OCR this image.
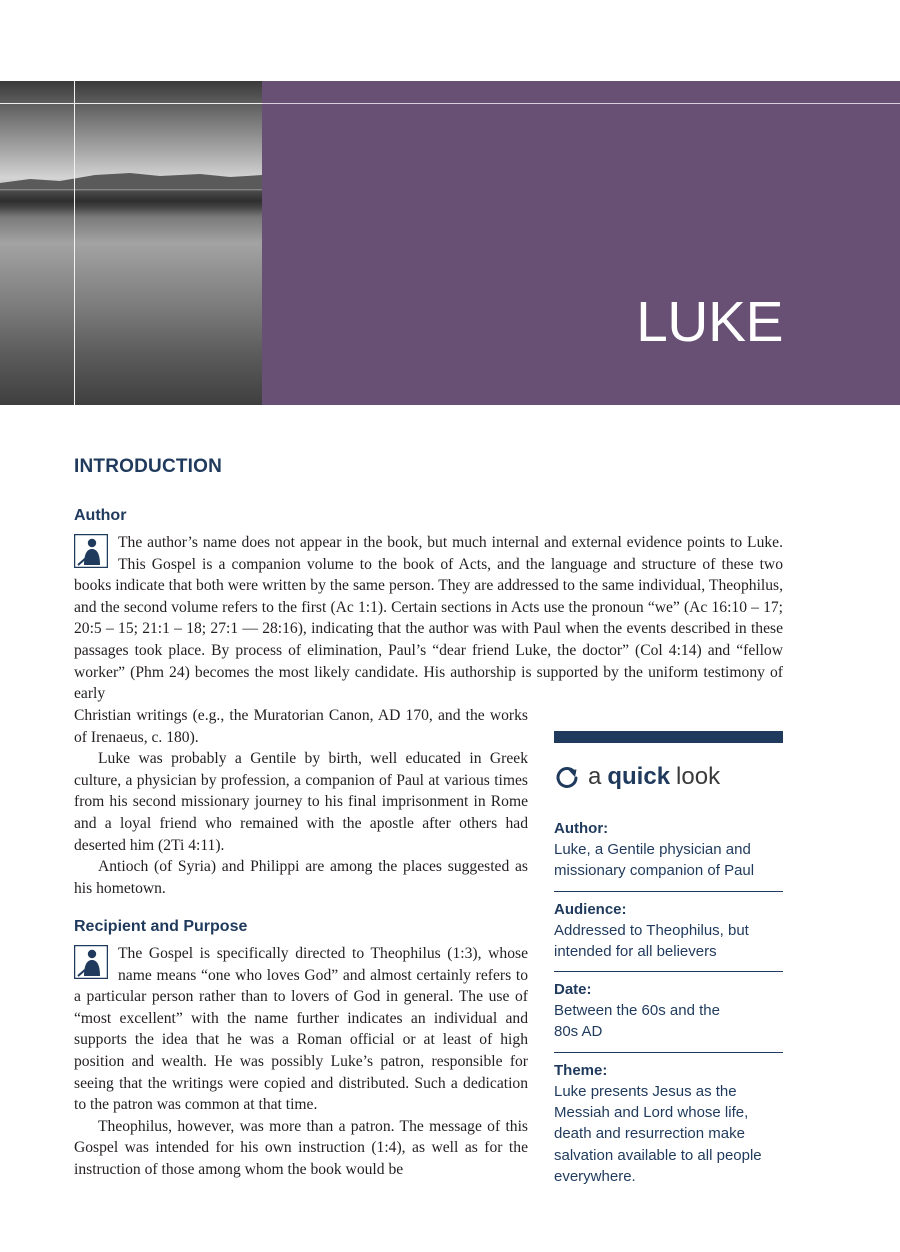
LUKE
INTRODUCTION
Author

The author’s name does not appear in the book, but much internal and external evidence points to Luke. This Gospel is a companion volume to the book of Acts, and the language and structure of these two books indicate that both were written by the same person. They are addressed to the same individual, Theophilus, and the second volume refers to the first (Ac 1:1). Certain sections in Acts use the pronoun “we” (Ac 16:10 – 17; 20:5 – 15; 21:1 – 18; 27:1 — 28:16), indicating that the author was with Paul when the events described in these passages took place. By process of elimination, Paul’s “dear friend Luke, the doctor” (Col 4:14) and “fellow worker” (Phm 24) becomes the most likely candidate. His authorship is supported by the uniform testimony of early

Christian writings (e.g., the Muratorian Canon, AD 170, and the works of Irenaeus, c. 180).

Luke was probably a Gentile by birth, well educated in Greek culture, a physician by profession, a companion of Paul at various times from his second missionary journey to his final imprisonment in Rome and a loyal friend who remained with the apostle after others had deserted him (2Ti 4:11).

Antioch (of Syria) and Philippi are among the places suggested as his hometown.

Recipient and Purpose

The Gospel is specifically directed to Theophilus (1:3), whose name means “one who loves God” and almost certainly refers to a particular person rather than to lovers of God in general. The use of “most excellent” with the name further indicates an individual and supports the idea that he was a Roman official or at least of high position and wealth. He was possibly Luke’s patron, responsible for seeing that the writings were copied and distributed. Such a dedication to the patron was common at that time.

Theophilus, however, was more than a patron. The message of this Gospel was intended for his own instruction (1:4), as well as for the instruction of those among whom the book would be

a quick look
Author:
Luke, a Gentile physician and missionary companion of Paul
Audience:
Addressed to Theophilus, but intended for all believers
Date:
Between the 60s and the 80s AD
Theme:
Luke presents Jesus as the Messiah and Lord whose life, death and resurrection make salvation available to all people everywhere.
